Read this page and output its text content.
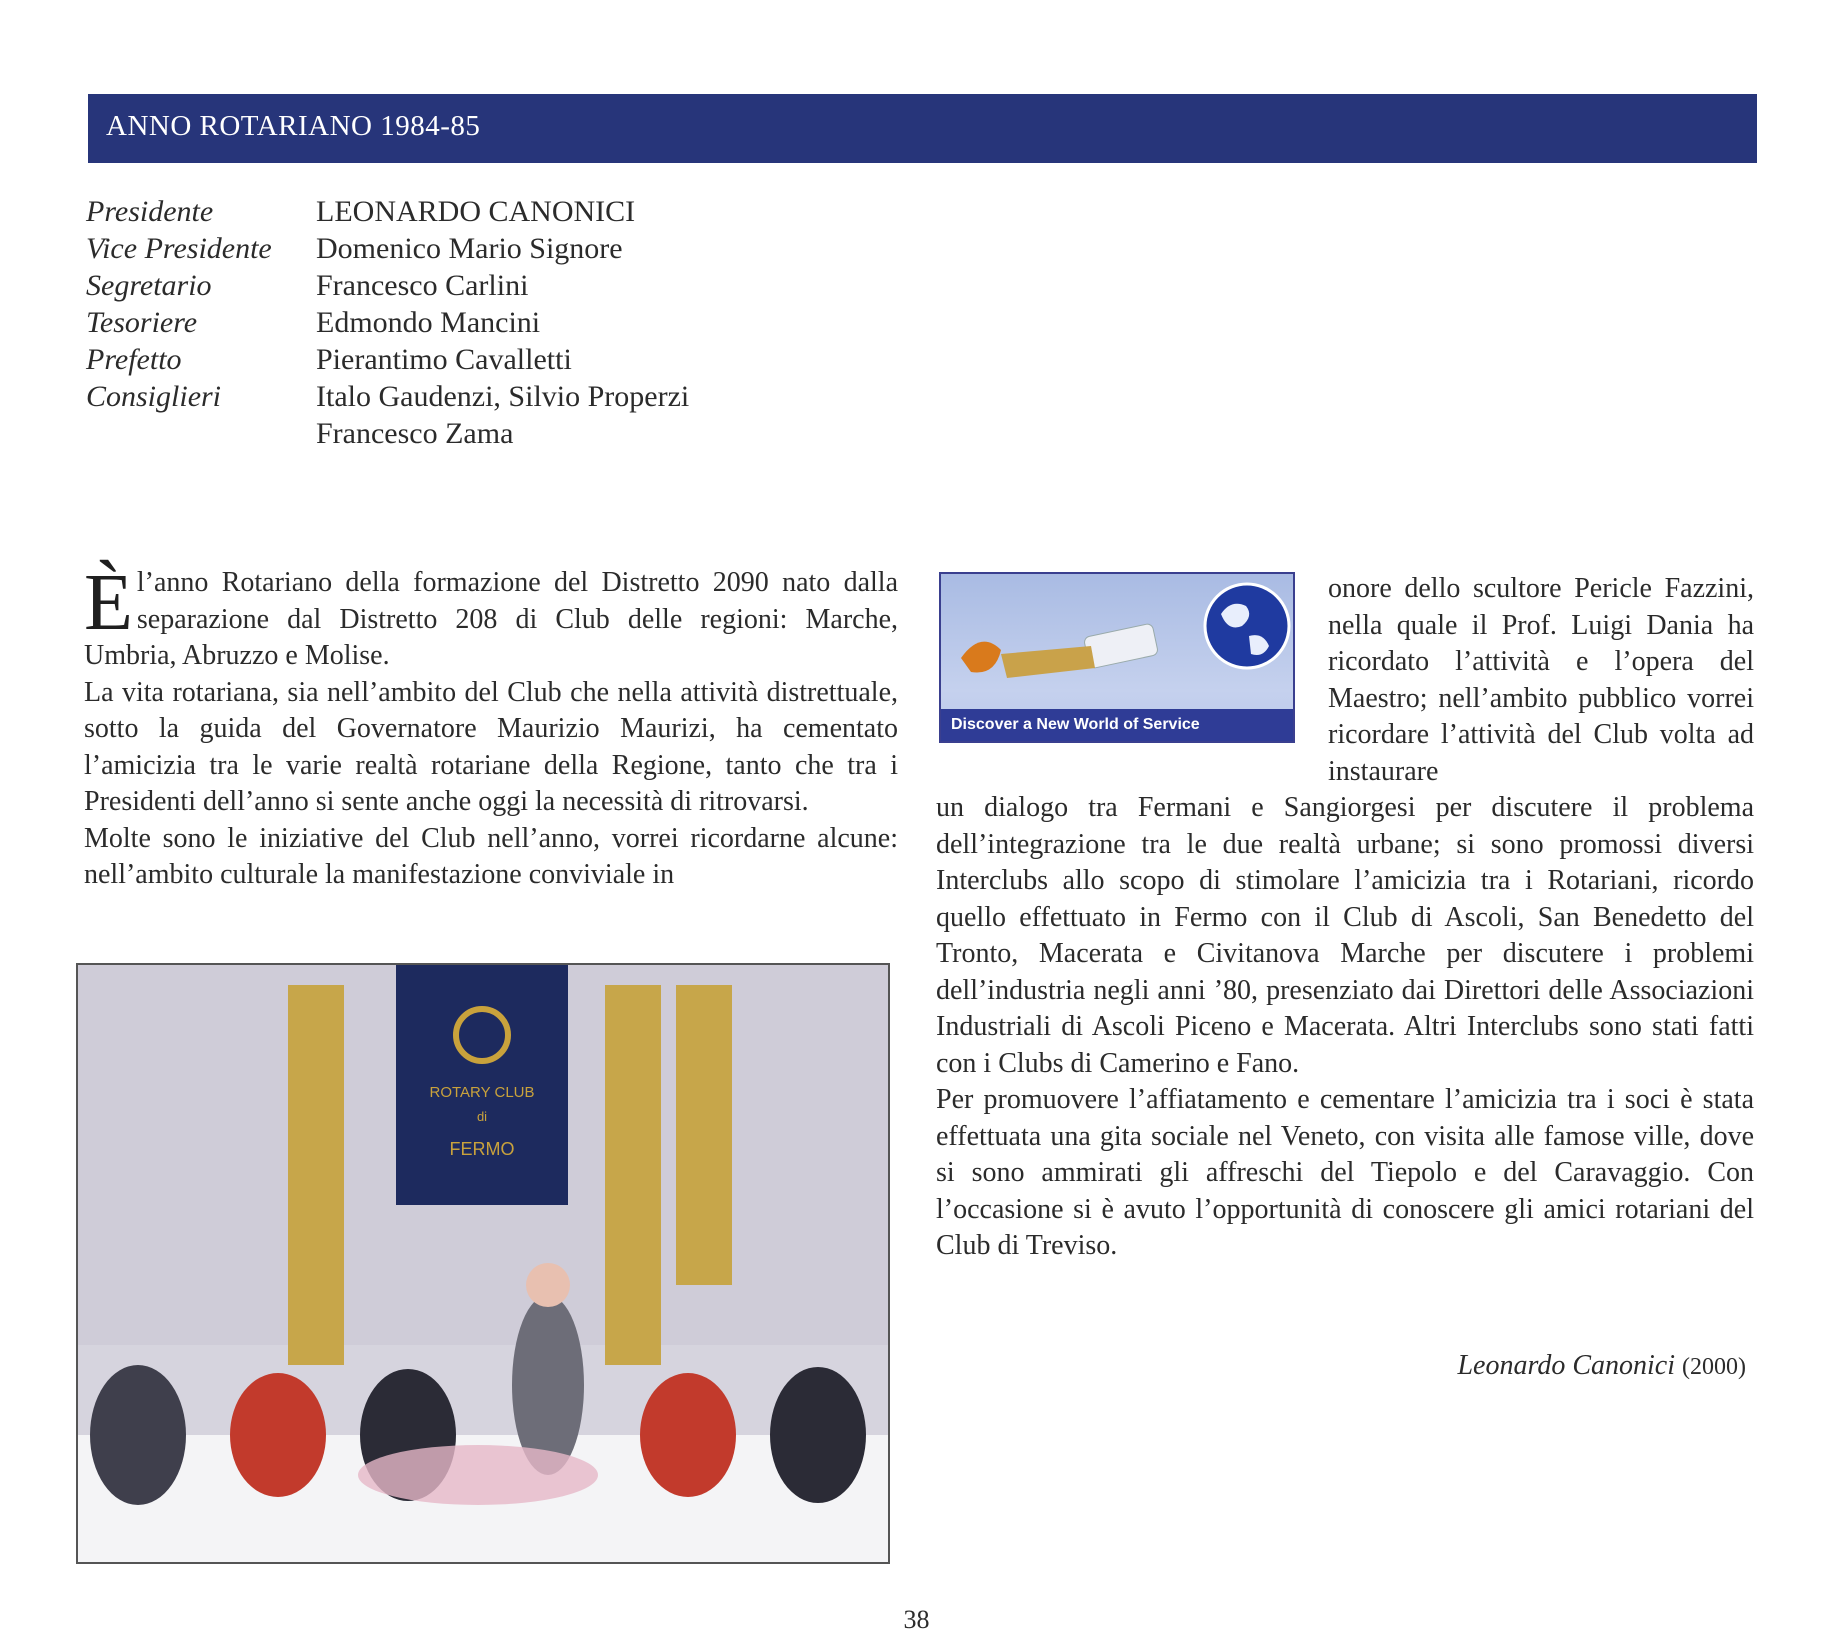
ANNO ROTARIANO 1984-85
Presidente	LEONARDO CANONICI
Vice Presidente	Domenico Mario Signore
Segretario	Francesco Carlini
Tesoriere	Edmondo Mancini
Prefetto	Pierantimo Cavalletti
Consiglieri	Italo Gaudenzi, Silvio Properzi
Francesco Zama
È l’anno Rotariano della formazione del Distretto 2090 nato dalla separazione dal Distretto 208 di Club delle regioni: Marche, Umbria, Abruzzo e Molise.

La vita rotariana, sia nell’ambito del Club che nella attività distrettuale, sotto la guida del Governatore Maurizio Maurizi, ha cementato l’amicizia tra le varie realtà rotariane della Regione, tanto che tra i Presidenti dell’anno si sente anche oggi la necessità di ritrovarsi.

Molte sono le iniziative del Club nell’anno, vorrei ricordarne alcune: nell’ambito culturale la manifestazione conviviale in

Discover a New World of Service
onore dello scultore Pericle Fazzini, nella quale il Prof. Luigi Dania ha ricordato l’attività e l’opera del Maestro; nell’ambito pubblico vorrei ricordare l’attività del Club volta ad instaurare

un dialogo tra Fermani e Sangiorgesi per discutere il problema dell’integrazione tra le due realtà urbane; si sono promossi diversi Interclubs allo scopo di stimolare l’amicizia tra i Rotariani, ricordo quello effettuato in Fermo con il Club di Ascoli, San Benedetto del Tronto, Macerata e Civitanova Marche per discutere i problemi dell’industria negli anni ’80, presenziato dai Direttori delle Associazioni Industriali di Ascoli Piceno e Macerata. Altri Interclubs sono stati fatti con i Clubs di Camerino e Fano.

Per promuovere l’affiatamento e cementare l’amicizia tra i soci è stata effettuata una gita sociale nel Veneto, con visita alle famose ville, dove si sono ammirati gli affreschi del Tiepolo e del Caravaggio. Con l’occasione si è avuto l’opportunità di conoscere gli amici rotariani del Club di Treviso.

Leonardo Canonici (2000)
ROTARY CLUB
di
FERMO
38
